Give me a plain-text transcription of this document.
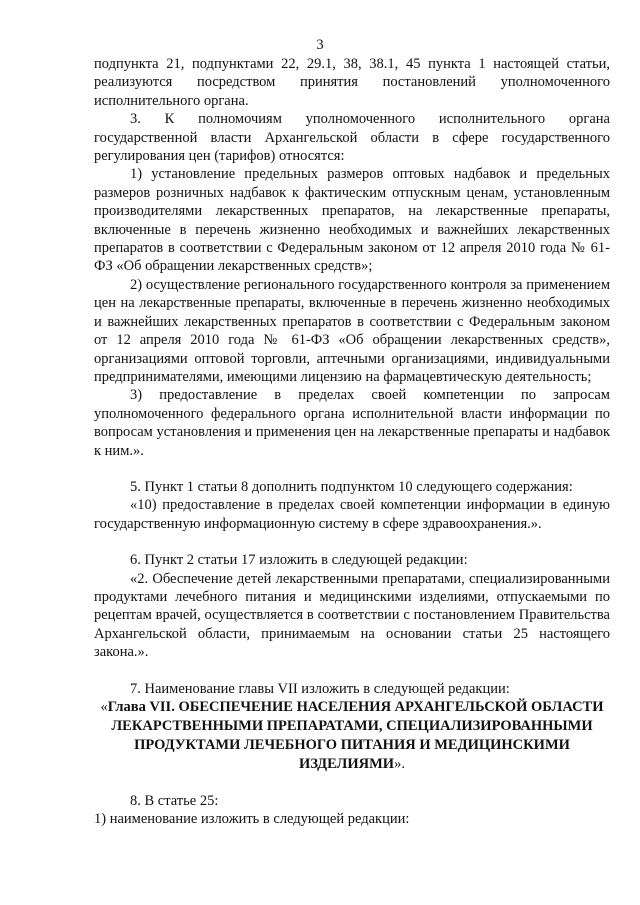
3

подпункта 21, подпунктами 22, 29.1, 38, 38.1, 45 пункта 1 настоящей статьи, реализуются посредством принятия постановлений уполномоченного исполнительного органа.

3. К полномочиям уполномоченного исполнительного органа государственной власти Архангельской области в сфере государственного регулирования цен (тарифов) относятся:

1) установление предельных размеров оптовых надбавок и предельных размеров розничных надбавок к фактическим отпускным ценам, установленным производителями лекарственных препаратов, на лекарственные препараты, включенные в перечень жизненно необходимых и важнейших лекарственных препаратов в соответствии с Федеральным законом от 12 апреля 2010 года № 61-ФЗ «Об обращении лекарственных средств»;

2) осуществление регионального государственного контроля за применением цен на лекарственные препараты, включенные в перечень жизненно необходимых и важнейших лекарственных препаратов в соответствии с Федеральным законом от 12 апреля 2010 года № 61-ФЗ «Об обращении лекарственных средств», организациями оптовой торговли, аптечными организациями, индивидуальными предпринимателями, имеющими лицензию на фармацевтическую деятельность;

3) предоставление в пределах своей компетенции по запросам уполномоченного федерального органа исполнительной власти информации по вопросам установления и применения цен на лекарственные препараты и надбавок к ним.».

5. Пункт 1 статьи 8 дополнить подпунктом 10 следующего содержания:

«10) предоставление в пределах своей компетенции информации в единую государственную информационную систему в сфере здравоохранения.».

6. Пункт 2 статьи 17 изложить в следующей редакции:

«2. Обеспечение детей лекарственными препаратами, специализированными продуктами лечебного питания и медицинскими изделиями, отпускаемыми по рецептам врачей, осуществляется в соответствии с постановлением Правительства Архангельской области, принимаемым на основании статьи 25 настоящего закона.».

7. Наименование главы VII изложить в следующей редакции:

«Глава VII. ОБЕСПЕЧЕНИЕ НАСЕЛЕНИЯ АРХАНГЕЛЬСКОЙ ОБЛАСТИ ЛЕКАРСТВЕННЫМИ ПРЕПАРАТАМИ, СПЕЦИАЛИЗИРОВАННЫМИ ПРОДУКТАМИ ЛЕЧЕБНОГО ПИТАНИЯ И МЕДИЦИНСКИМИ ИЗДЕЛИЯМИ».

8. В статье 25:

1) наименование изложить в следующей редакции:
